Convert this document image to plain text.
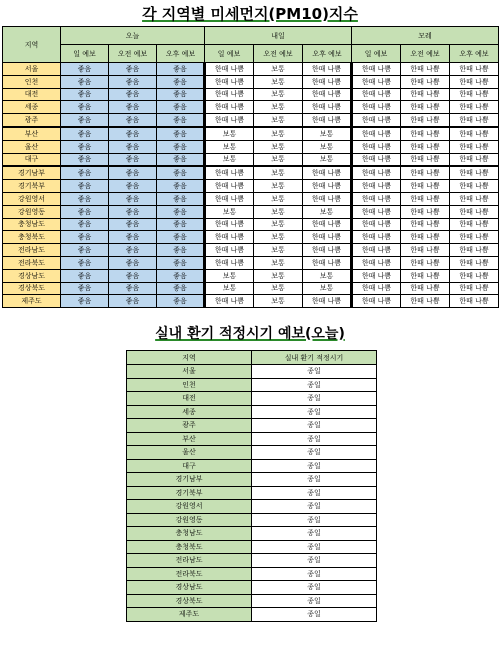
각 지역별 미세먼지(PM10)지수
지역	오늘			내일			모레		
	일 예보	오전 예보	오후 예보	일 예보	오전 예보	오후 예보	일 예보	오전 예보	오후 예보
서울	좋음	좋음	좋음	한때 나쁨	보통	한때 나쁨	한때 나쁨	한때 나쁨	한때 나쁨
인천	좋음	좋음	좋음	한때 나쁨	보통	한때 나쁨	한때 나쁨	한때 나쁨	한때 나쁨
대전	좋음	좋음	좋음	한때 나쁨	보통	한때 나쁨	한때 나쁨	한때 나쁨	한때 나쁨
세종	좋음	좋음	좋음	한때 나쁨	보통	한때 나쁨	한때 나쁨	한때 나쁨	한때 나쁨
광주	좋음	좋음	좋음	한때 나쁨	보통	한때 나쁨	한때 나쁨	한때 나쁨	한때 나쁨
부산	좋음	좋음	좋음	보통	보통	보통	한때 나쁨	한때 나쁨	한때 나쁨
울산	좋음	좋음	좋음	보통	보통	보통	한때 나쁨	한때 나쁨	한때 나쁨
대구	좋음	좋음	좋음	보통	보통	보통	한때 나쁨	한때 나쁨	한때 나쁨
경기남부	좋음	좋음	좋음	한때 나쁨	보통	한때 나쁨	한때 나쁨	한때 나쁨	한때 나쁨
경기북부	좋음	좋음	좋음	한때 나쁨	보통	한때 나쁨	한때 나쁨	한때 나쁨	한때 나쁨
강원영서	좋음	좋음	좋음	한때 나쁨	보통	한때 나쁨	한때 나쁨	한때 나쁨	한때 나쁨
강원영동	좋음	좋음	좋음	보통	보통	보통	한때 나쁨	한때 나쁨	한때 나쁨
충청남도	좋음	좋음	좋음	한때 나쁨	보통	한때 나쁨	한때 나쁨	한때 나쁨	한때 나쁨
충청북도	좋음	좋음	좋음	한때 나쁨	보통	한때 나쁨	한때 나쁨	한때 나쁨	한때 나쁨
전라남도	좋음	좋음	좋음	한때 나쁨	보통	한때 나쁨	한때 나쁨	한때 나쁨	한때 나쁨
전라북도	좋음	좋음	좋음	한때 나쁨	보통	한때 나쁨	한때 나쁨	한때 나쁨	한때 나쁨
경상남도	좋음	좋음	좋음	보통	보통	보통	한때 나쁨	한때 나쁨	한때 나쁨
경상북도	좋음	좋음	좋음	보통	보통	보통	한때 나쁨	한때 나쁨	한때 나쁨
제주도	좋음	좋음	좋음	한때 나쁨	보통	한때 나쁨	한때 나쁨	한때 나쁨	한때 나쁨
실내 환기 적정시기 예보(오늘)
지역	실내 환기 적정시기
서울	종일
인천	종일
대전	종일
세종	종일
광주	종일
부산	종일
울산	종일
대구	종일
경기남부	종일
경기북부	종일
강원영서	종일
강원영동	종일
충청남도	종일
충청북도	종일
전라남도	종일
전라북도	종일
경상남도	종일
경상북도	종일
제주도	종일
